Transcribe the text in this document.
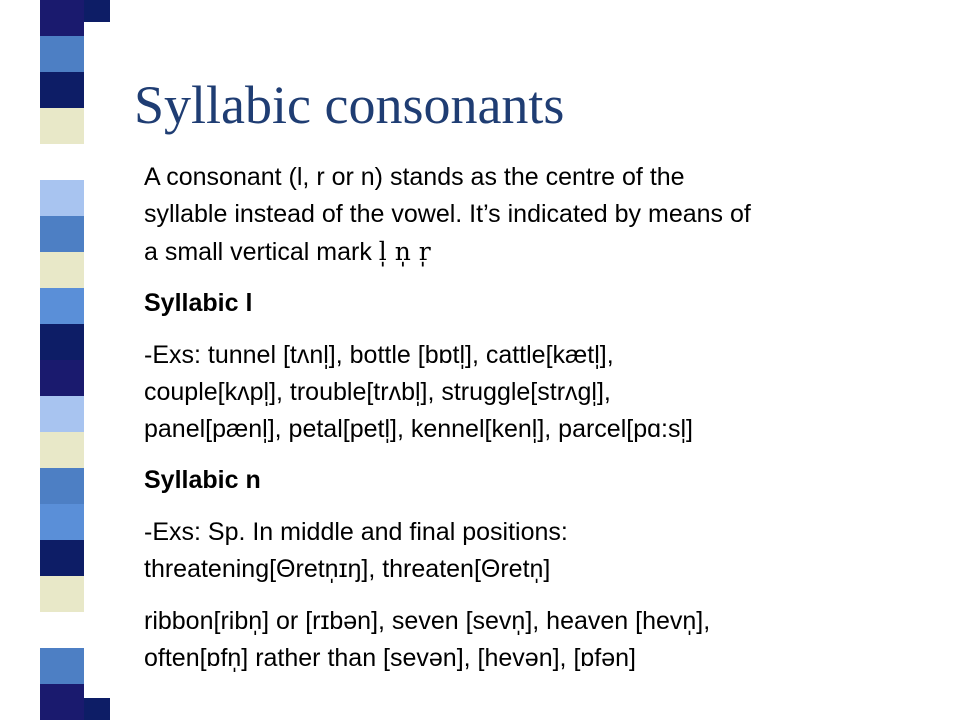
Syllabic consonants

A consonant (l, r or n) stands as the centre of the
syllable instead of the vowel. It’s indicated by means of
a small vertical mark l̩ n̩ r̩

Syllabic l

-Exs: tunnel [tʌnl̩], bottle [bɒtl̩], cattle[kætl̩],
couple[kʌpl̩], trouble[trʌbl̩], struggle[strʌgl̩],
panel[pænl̩], petal[petl̩], kennel[kenl̩], parcel[pɑ:sl̩]

Syllabic n

-Exs: Sp. In middle and final positions:
threatening[Θretn̩ɪŋ], threaten[Θretn̩]

ribbon[ribn̩] or [rɪbən], seven [sevn̩], heaven [hevn̩],
often[ɒfn̩] rather than [sevən], [hevən], [ɒfən]
